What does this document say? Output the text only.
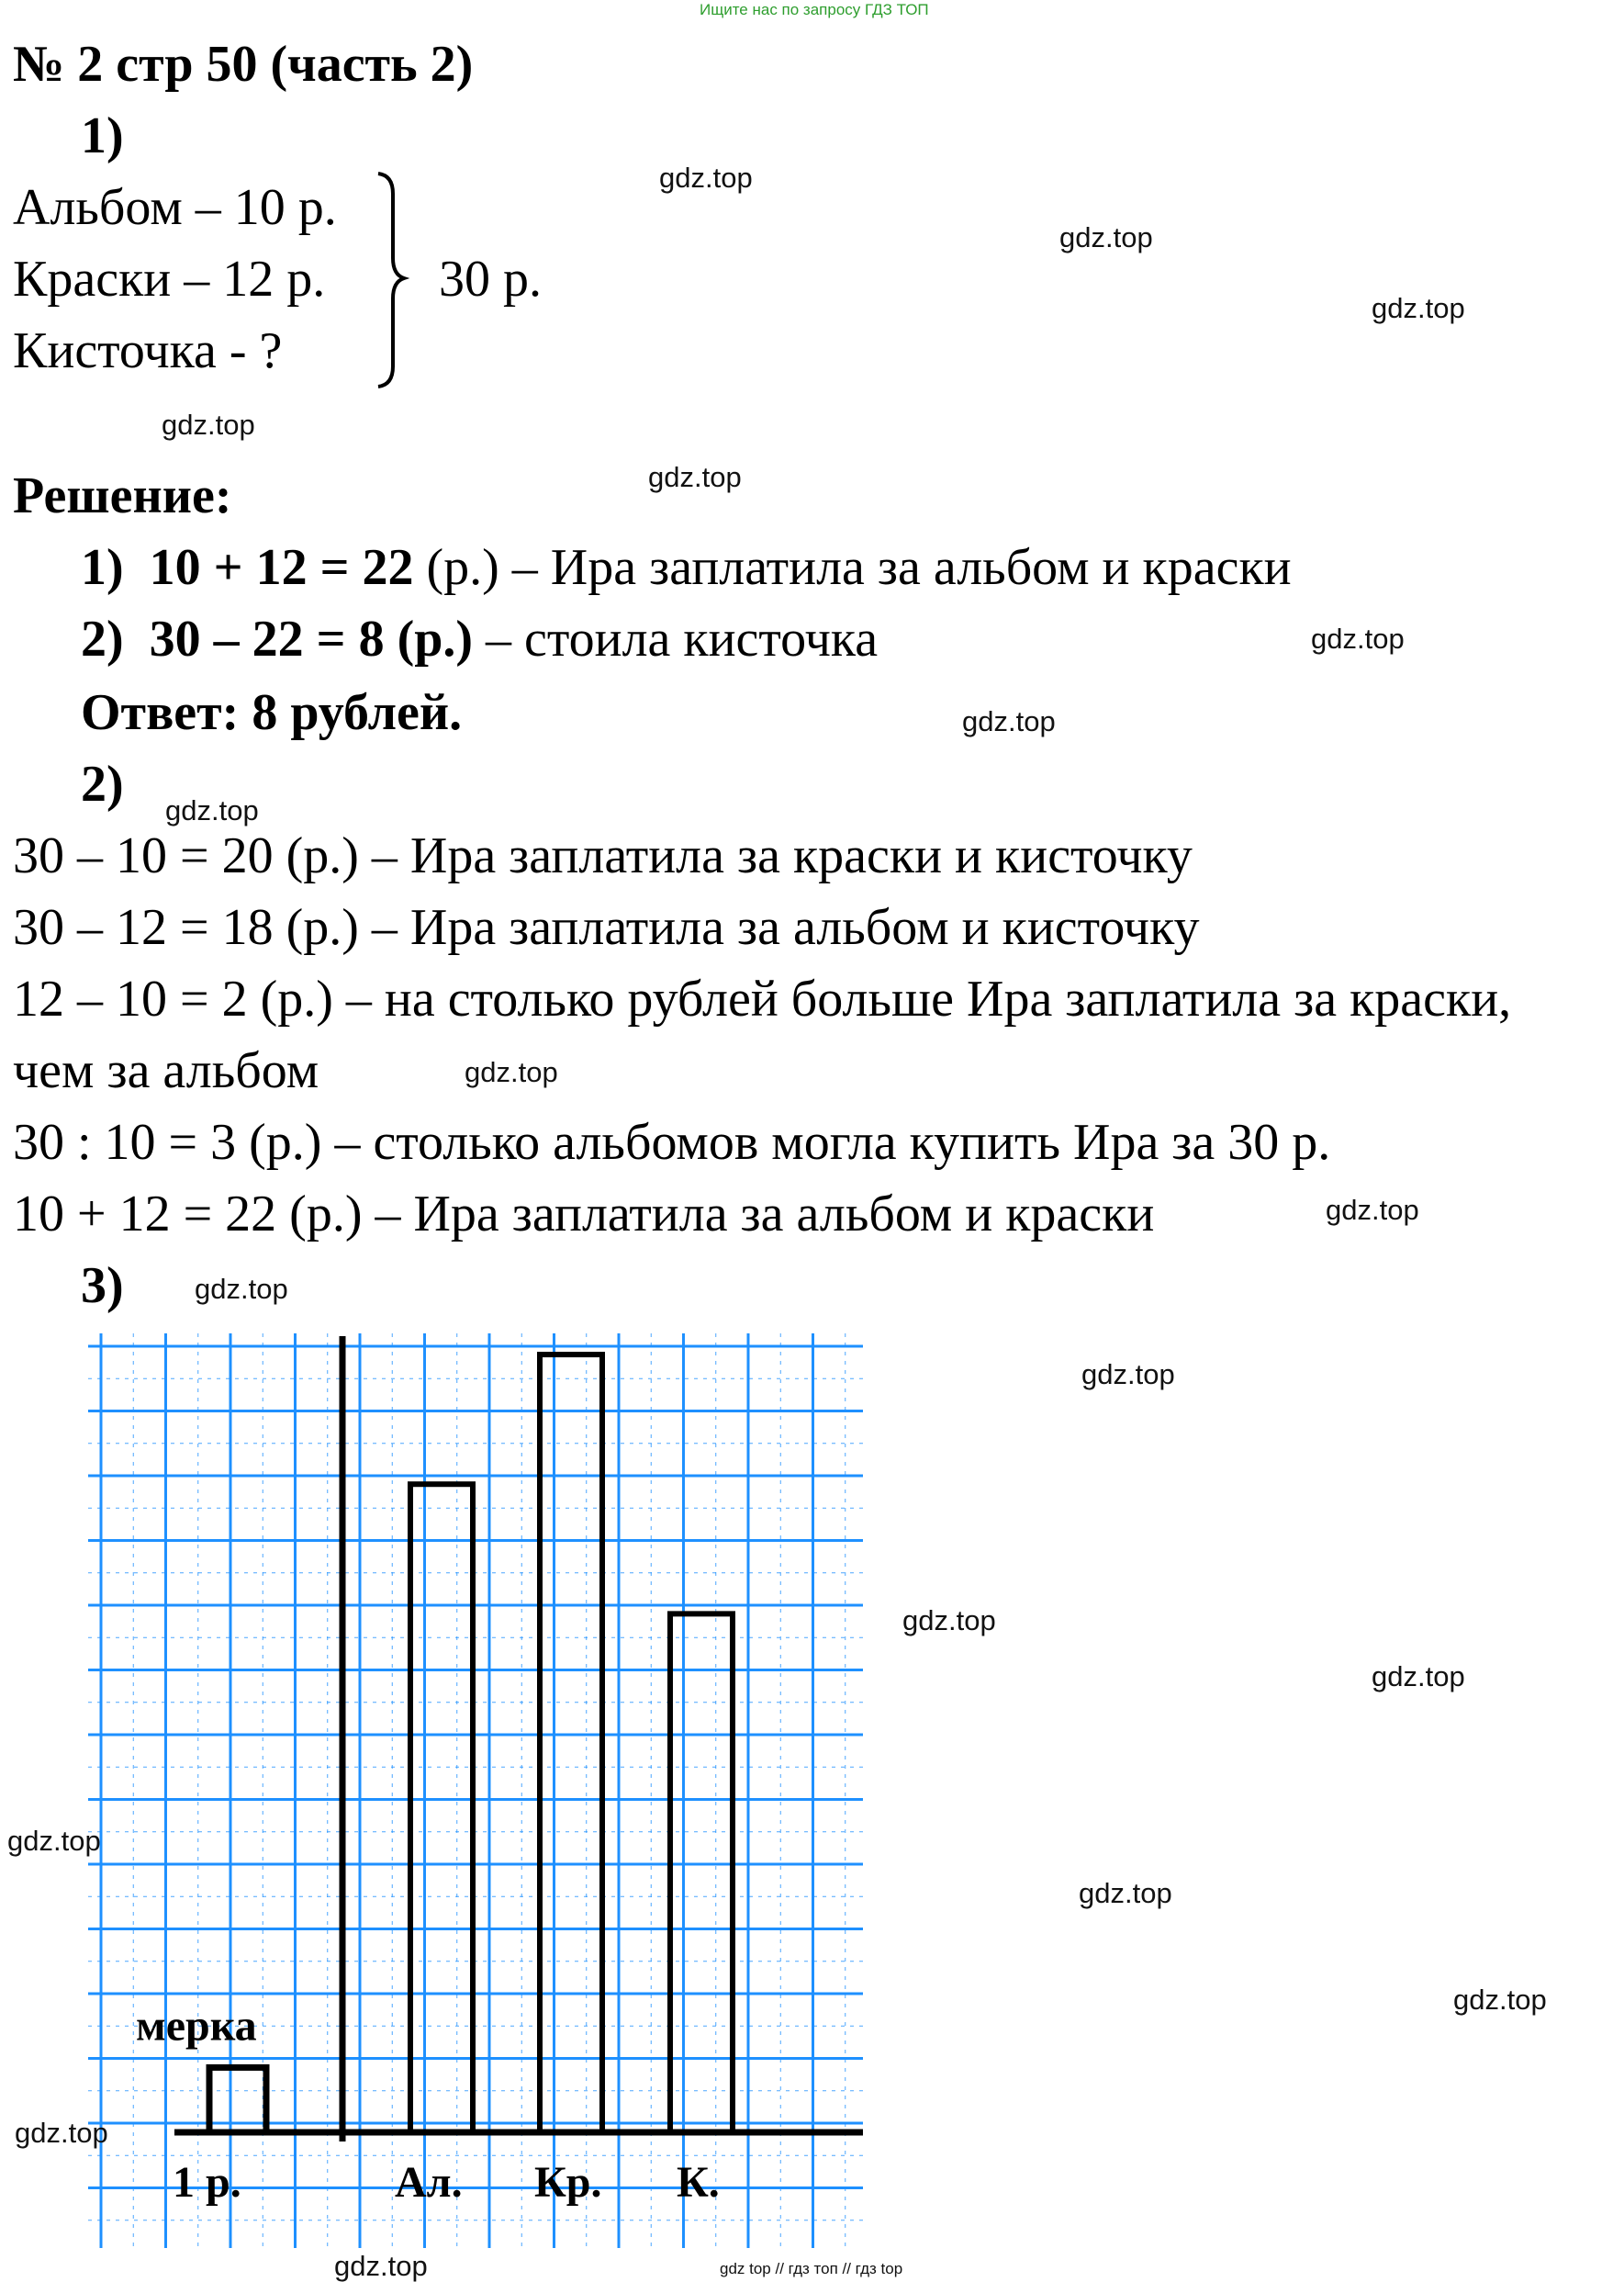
Ищите нас по запросу ГДЗ ТОП
№ 2 стр 50 (часть 2)
1)
Альбом – 10 р.
Краски – 12 р.
Кисточка - ?
30 р.
Решение:
1) 10 + 12 = 22 (р.) – Ира заплатила за альбом и краски
2) 30 – 22 = 8 (р.) – стоила кисточка
Ответ: 8 рублей.
2)
30 – 10 = 20 (р.) – Ира заплатила за краски и кисточку
30 – 12 = 18 (р.) – Ира заплатила за альбом и кисточку
12 – 10 = 2 (р.) – на столько рублей больше Ира заплатила за краски,
чем за альбом
30 : 10 = 3 (р.) – столько альбомов могла купить Ира за 30 р.
10 + 12 = 22 (р.) – Ира заплатила за альбом и краски
3)
мерка
1 р.	Ал. Кр. К.
gdz.top
gdz.top
gdz.top
gdz.top
gdz.top
gdz.top
gdz.top
gdz.top
gdz.top
gdz.top
gdz.top
gdz.top
gdz.top
gdz.top
gdz.top
gdz.top
gdz.top
gdz.top
gdz.top	gdz top // гдз топ // гдз top
